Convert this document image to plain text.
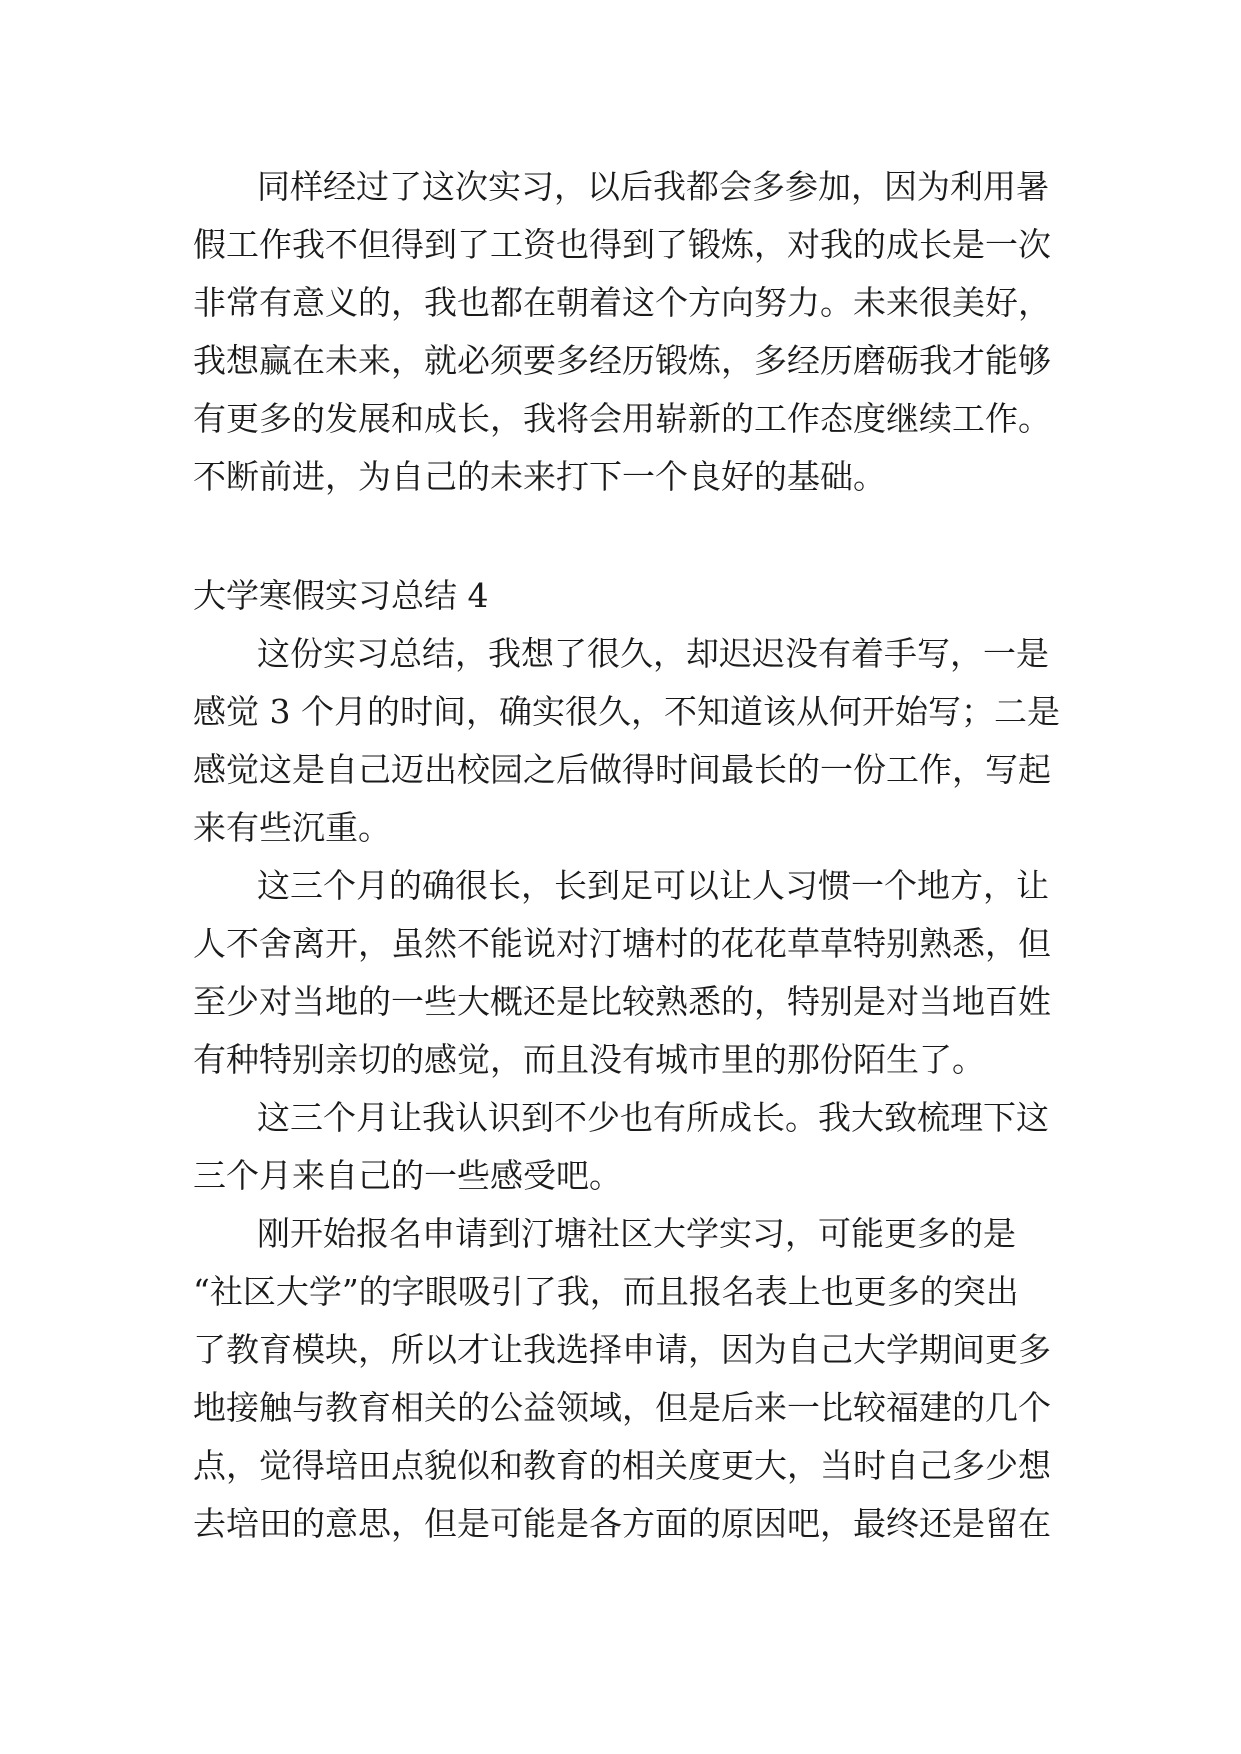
同样经过了这次实习，以后我都会多参加，因为利用暑
假工作我不但得到了工资也得到了锻炼，对我的成长是一次
非常有意义的，我也都在朝着这个方向努力。未来很美好，
我想赢在未来，就必须要多经历锻炼，多经历磨砺我才能够
有更多的发展和成长，我将会用崭新的工作态度继续工作。
不断前进，为自己的未来打下一个良好的基础。
大学寒假实习总结 4
这份实习总结，我想了很久，却迟迟没有着手写，一是
感觉 3 个月的时间，确实很久，不知道该从何开始写；二是
感觉这是自己迈出校园之后做得时间最长的一份工作，写起
来有些沉重。
这三个月的确很长，长到足可以让人习惯一个地方，让
人不舍离开，虽然不能说对汀塘村的花花草草特别熟悉，但
至少对当地的一些大概还是比较熟悉的，特别是对当地百姓
有种特别亲切的感觉，而且没有城市里的那份陌生了。
这三个月让我认识到不少也有所成长。我大致梳理下这
三个月来自己的一些感受吧。
刚开始报名申请到汀塘社区大学实习，可能更多的是
“社区大学”的字眼吸引了我，而且报名表上也更多的突出
了教育模块，所以才让我选择申请，因为自己大学期间更多
地接触与教育相关的公益领域，但是后来一比较福建的几个
点，觉得培田点貌似和教育的相关度更大，当时自己多少想
去培田的意思，但是可能是各方面的原因吧，最终还是留在
